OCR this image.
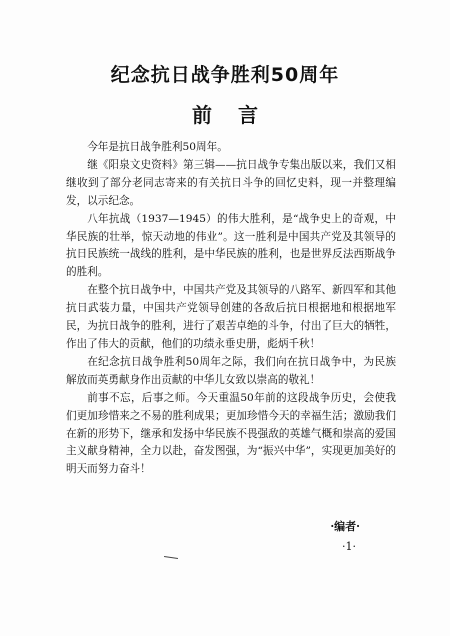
纪念抗日战争胜利50周年
前言

今年是抗日战争胜利50周年。

继《阳泉文史资料》第三辑——抗日战争专集出版以来，我们又相继收到了部分老同志寄来的有关抗日斗争的回忆史料，现一并整理编发，以示纪念。

八年抗战（1937—1945）的伟大胜利，是“战争史上的奇观，中华民族的壮举，惊天动地的伟业”。这一胜利是中国共产党及其领导的抗日民族统一战线的胜利，是中华民族的胜利，也是世界反法西斯战争的胜利。

在整个抗日战争中，中国共产党及其领导的八路军、新四军和其他抗日武装力量，中国共产党领导创建的各敌后抗日根据地和根据地军民，为抗日战争的胜利，进行了艰苦卓绝的斗争，付出了巨大的牺牲，作出了伟大的贡献，他们的功绩永垂史册，彪炳千秋！

在纪念抗日战争胜利50周年之际，我们向在抗日战争中，为民族解放而英勇献身作出贡献的中华儿女致以崇高的敬礼！

前事不忘，后事之师。今天重温50年前的这段战争历史，会使我们更加珍惜来之不易的胜利成果；更加珍惜今天的幸福生活；激励我们在新的形势下，继承和发扬中华民族不畏强敌的英雄气概和崇高的爱国主义献身精神，全力以赴，奋发图强，为“振兴中华”，实现更加美好的明天而努力奋斗！

·编者·
·1·
